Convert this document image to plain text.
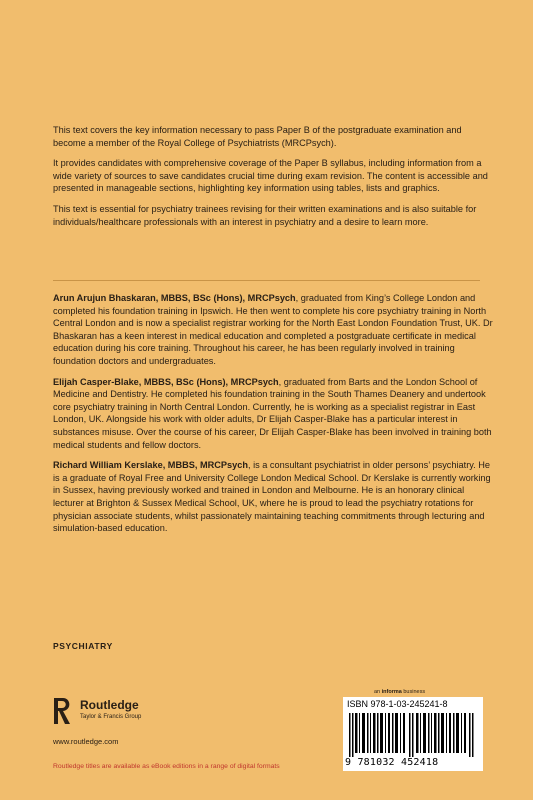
This text covers the key information necessary to pass Paper B of the postgraduate examination and become a member of the Royal College of Psychiatrists (MRCPsych).

It provides candidates with comprehensive coverage of the Paper B syllabus, including information from a wide variety of sources to save candidates crucial time during exam revision. The content is accessible and presented in manageable sections, highlighting key information using tables, lists and graphics.

This text is essential for psychiatry trainees revising for their written examinations and is also suitable for individuals/healthcare professionals with an interest in psychiatry and a desire to learn more.

Arun Arujun Bhaskaran, MBBS, BSc (Hons), MRCPsych, graduated from King’s College London and completed his foundation training in Ipswich. He then went to complete his core psychiatry training in North Central London and is now a specialist registrar working for the North East London Foundation Trust, UK. Dr Bhaskaran has a keen interest in medical education and completed a postgraduate certificate in medical education during his core training. Throughout his career, he has been regularly involved in training foundation doctors and undergraduates.

Elijah Casper-Blake, MBBS, BSc (Hons), MRCPsych, graduated from Barts and the London School of Medicine and Dentistry. He completed his foundation training in the South Thames Deanery and undertook core psychiatry training in North Central London. Currently, he is working as a specialist registrar in East London, UK. Alongside his work with older adults, Dr Elijah Casper-Blake has a particular interest in substances misuse. Over the course of his career, Dr Elijah Casper-Blake has been involved in training both medical students and fellow doctors.

Richard William Kerslake, MBBS, MRCPsych, is a consultant psychiatrist in older persons’ psychiatry. He is a graduate of Royal Free and University College London Medical School. Dr Kerslake is currently working in Sussex, having previously worked and trained in London and Melbourne. He is an honorary clinical lecturer at Brighton & Sussex Medical School, UK, where he is proud to lead the psychiatry rotations for physician associate students, whilst passionately maintaining teaching commitments through lecturing and simulation-based education.

PSYCHIATRY
Routledge
Taylor & Francis Group
www.routledge.com
Routledge titles are available as eBook editions in a range of digital formats
an informa business
ISBN 978-1-03-245241-8
9 781032 452418
